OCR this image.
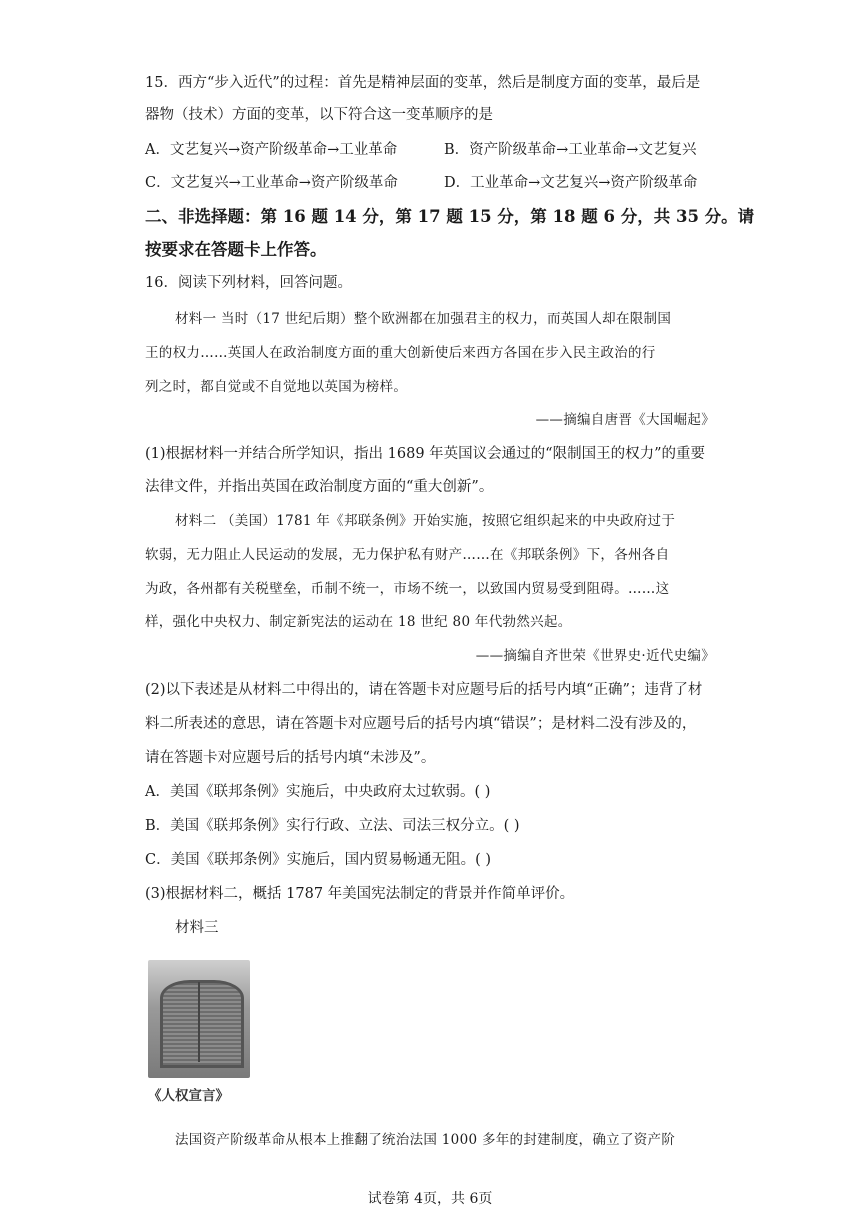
15．西方“步入近代”的过程：首先是精神层面的变革，然后是制度方面的变革，最后是
器物（技术）方面的变革，以下符合这一变革顺序的是
A．文艺复兴→资产阶级革命→工业革命	B．资产阶级革命→工业革命→文艺复兴
C．文艺复兴→工业革命→资产阶级革命	D．工业革命→文艺复兴→资产阶级革命
二、非选择题：第 16 题 14 分，第 17 题 15 分，第 18 题 6 分，共 35 分。请
按要求在答题卡上作答。
16．阅读下列材料，回答问题。
材料一 当时（17 世纪后期）整个欧洲都在加强君主的权力，而英国人却在限制国
王的权力……英国人在政治制度方面的重大创新使后来西方各国在步入民主政治的行
列之时，都自觉或不自觉地以英国为榜样。
——摘编自唐晋《大国崛起》
(1)根据材料一并结合所学知识，指出 1689 年英国议会通过的“限制国王的权力”的重要
法律文件，并指出英国在政治制度方面的“重大创新”。
材料二 （美国）1781 年《邦联条例》开始实施，按照它组织起来的中央政府过于
软弱，无力阻止人民运动的发展，无力保护私有财产……在《邦联条例》下，各州各自
为政，各州都有关税壁垒，币制不统一，市场不统一，以致国内贸易受到阻碍。……这
样，强化中央权力、制定新宪法的运动在 18 世纪 80 年代勃然兴起。
——摘编自齐世荣《世界史·近代史编》
(2)以下表述是从材料二中得出的，请在答题卡对应题号后的括号内填“正确”；违背了材
料二所表述的意思，请在答题卡对应题号后的括号内填“错误”；是材料二没有涉及的，
请在答题卡对应题号后的括号内填“未涉及”。
A．美国《联邦条例》实施后，中央政府太过软弱。( )
B．美国《联邦条例》实行行政、立法、司法三权分立。( )
C．美国《联邦条例》实施后，国内贸易畅通无阻。( )
(3)根据材料二，概括 1787 年美国宪法制定的背景并作简单评价。
材料三
《人权宣言》
法国资产阶级革命从根本上推翻了统治法国 1000 多年的封建制度，确立了资产阶
试卷第 4页，共 6页
